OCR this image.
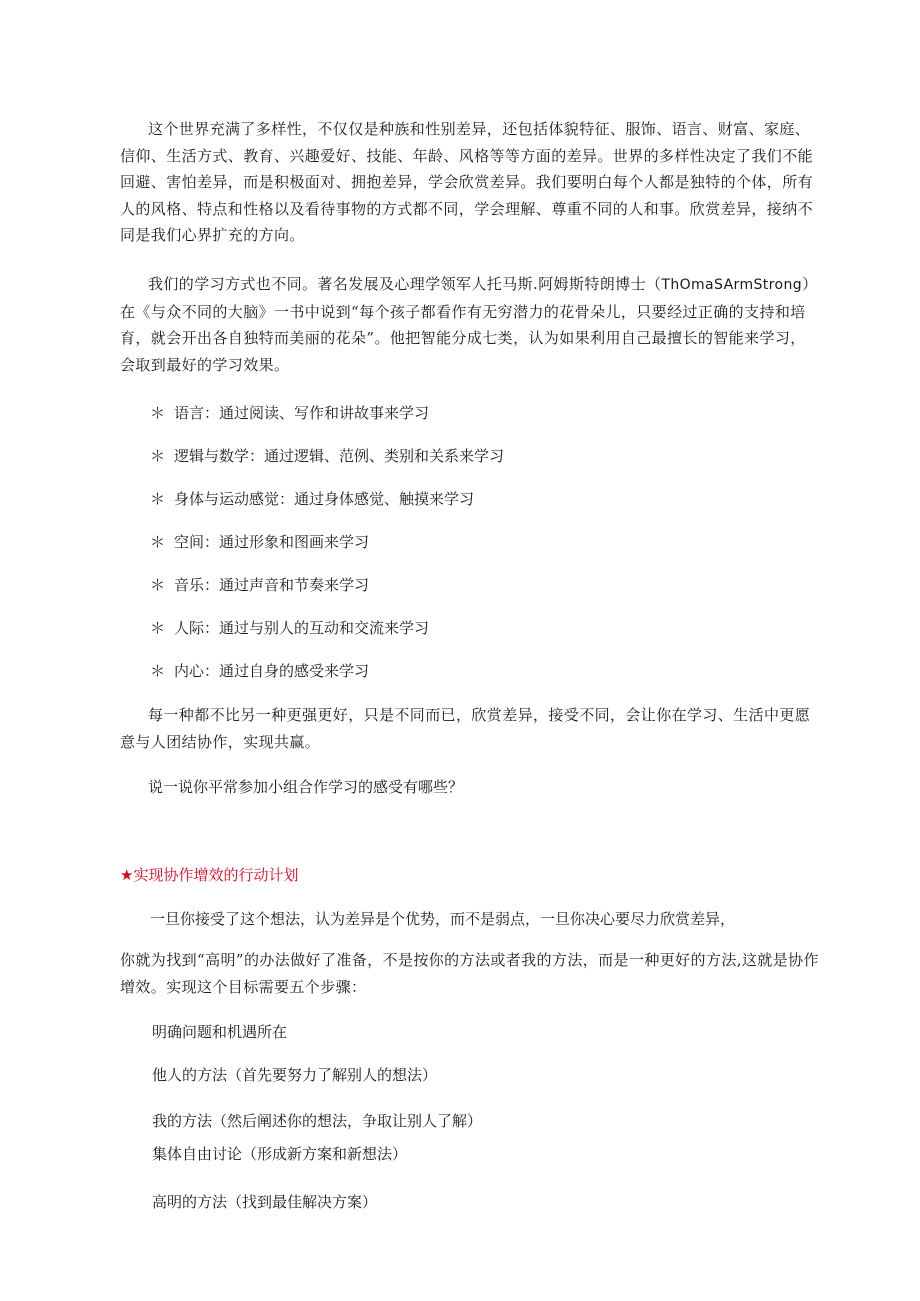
这个世界充满了多样性，不仅仅是种族和性别差异，还包括体貌特征、服饰、语言、财富、家庭、信仰、生活方式、教育、兴趣爱好、技能、年龄、风格等等方面的差异。世界的多样性决定了我们不能回避、害怕差异，而是积极面对、拥抱差异，学会欣赏差异。我们要明白每个人都是独特的个体，所有人的风格、特点和性格以及看待事物的方式都不同，学会理解、尊重不同的人和事。欣赏差异，接纳不同是我们心界扩充的方向。

我们的学习方式也不同。著名发展及心理学领军人托马斯.阿姆斯特朗博士（ThOmaSArmStrong）在《与众不同的大脑》一书中说到“每个孩子都看作有无穷潜力的花骨朵儿，只要经过正确的支持和培育，就会开出各自独特而美丽的花朵”。他把智能分成七类，认为如果利用自己最擅长的智能来学习，会取到最好的学习效果。

＊ 语言：通过阅读、写作和讲故事来学习

＊ 逻辑与数学：通过逻辑、范例、类别和关系来学习

＊ 身体与运动感觉：通过身体感觉、触摸来学习

＊ 空间：通过形象和图画来学习

＊ 音乐：通过声音和节奏来学习

＊ 人际：通过与别人的互动和交流来学习

＊ 内心：通过自身的感受来学习

每一种都不比另一种更强更好，只是不同而已，欣赏差异，接受不同，会让你在学习、生活中更愿意与人团结协作，实现共赢。

说一说你平常参加小组合作学习的感受有哪些？

★实现协作增效的行动计划

一旦你接受了这个想法，认为差异是个优势，而不是弱点，一旦你决心要尽力欣赏差异，

你就为找到“高明”的办法做好了准备，不是按你的方法或者我的方法，而是一种更好的方法,这就是协作增效。实现这个目标需要五个步骤：

明确问题和机遇所在

他人的方法（首先要努力了解别人的想法）

我的方法（然后阐述你的想法，争取让别人了解）

集体自由讨论（形成新方案和新想法）

高明的方法（找到最佳解决方案）
